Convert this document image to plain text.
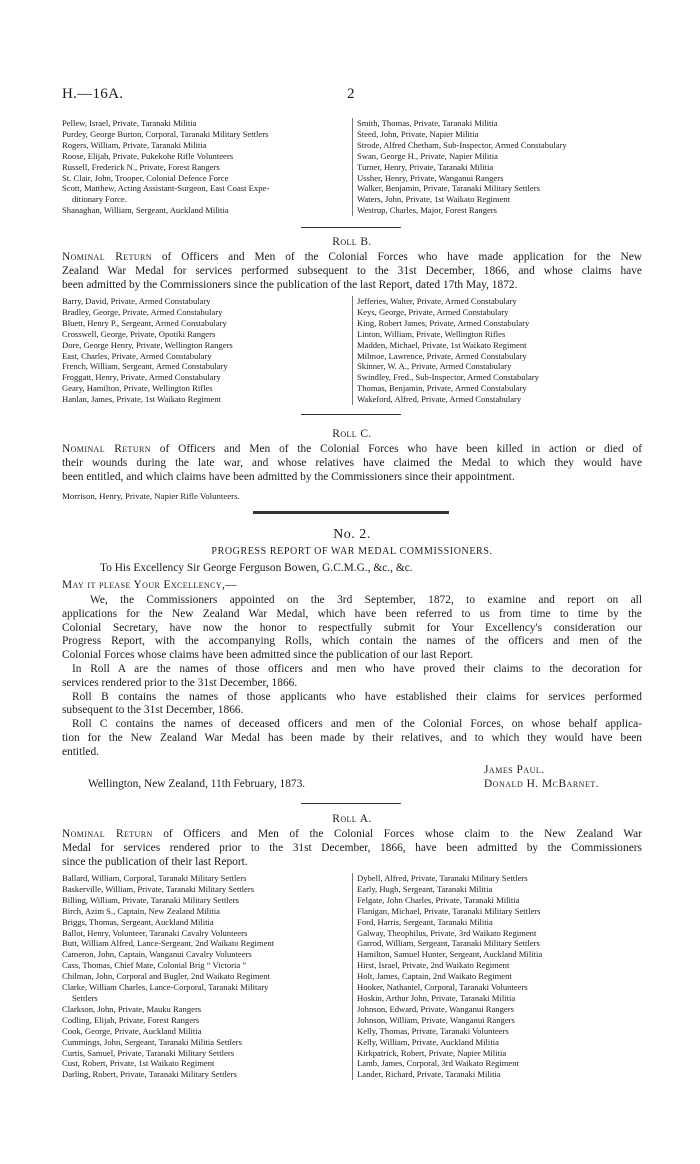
H.—16A.	2
Pellew, Israel, Private, Taranaki Militia
Purdey, George Burton, Corporal, Taranaki Military Settlers
Rogers, William, Private, Taranaki Militia
Roose, Elijah, Private, Pukekohe Rifle Volunteers
Russell, Frederick N., Private, Forest Rangers
St. Clair, John, Trooper, Colonial Defence Force
Scott, Matthew, Acting Assistant-Surgeon, East Coast Expe-
ditionary Force.
Shanaghan, William, Sergeant, Auckland Militia
Smith, Thomas, Private, Taranaki Militia
Steed, John, Private, Napier Militia
Strode, Alfred Chetham, Sub-Inspector, Armed Constabulary
Swan, George H., Private, Napier Militia
Turner, Henry, Private, Taranaki Militia
Ussher, Henry, Private, Wanganui Rangers
Walker, Benjamin, Private, Taranaki Military Settlers
Waters, John, Private, 1st Waikato Regiment
Westrup, Charles, Major, Forest Rangers
Roll B.
Nominal Return of Officers and Men of the Colonial Forces who have made application for the New
Zealand War Medal for services performed subsequent to the 31st December, 1866, and whose claims have
been admitted by the Commissioners since the publication of the last Report, dated 17th May, 1872.
Barry, David, Private, Armed Constabulary
Bradley, George, Private, Armed Constabulary
Bluett, Henry P., Sergeant, Armed Constabulary
Crosswell, George, Private, Opotiki Rangers
Dore, George Henry, Private, Wellington Rangers
East, Charles, Private, Armed Constabulary
French, William, Sergeant, Armed Constabulary
Froggatt, Henry, Private, Armed Constabulary
Geary, Hamilton, Private, Wellington Rifles
Hanlan, James, Private, 1st Waikato Regiment
Jefferies, Walter, Private, Armed Constabulary
Keys, George, Private, Armed Constabulary
King, Robert James, Private, Armed Constabulary
Linton, William, Private, Wellington Rifles
Madden, Michael, Private, 1st Waikato Regiment
Milmoe, Lawrence, Private, Armed Constabulary
Skinner, W. A., Private, Armed Constabulary
Swindley, Fred., Sub-Inspector, Armed Constabulary
Thomas, Benjamin, Private, Armed Constabulary
Wakeford, Alfred, Private, Armed Constabulary
Roll C.
Nominal Return of Officers and Men of the Colonial Forces who have been killed in action or died of
their wounds during the late war, and whose relatives have claimed the Medal to which they would have
been entitled, and which claims have been admitted by the Commissioners since their appointment.
Morrison, Henry, Private, Napier Rifle Volunteers.
No. 2.
PROGRESS REPORT OF WAR MEDAL COMMISSIONERS.
To His Excellency Sir George Ferguson Bowen, G.C.M.G., &c., &c.
May it please Your Excellency,—
We, the Commissioners appointed on the 3rd September, 1872, to examine and report on all
applications for the New Zealand War Medal, which have been referred to us from time to time by the
Colonial Secretary, have now the honor to respectfully submit for Your Excellency's consideration our
Progress Report, with the accompanying Rolls, which contain the names of the officers and men of the
Colonial Forces whose claims have been admitted since the publication of our last Report.
In Roll A are the names of those officers and men who have proved their claims to the decoration for
services rendered prior to the 31st December, 1866.
Roll B contains the names of those applicants who have established their claims for services performed
subsequent to the 31st December, 1866.
Roll C contains the names of deceased officers and men of the Colonial Forces, on whose behalf applica-
tion for the New Zealand War Medal has been made by their relatives, and to which they would have been
entitled.
James Paul.
Donald H. McBarnet.
Wellington, New Zealand, 11th February, 1873.
Roll A.
Nominal Return of Officers and Men of the Colonial Forces whose claim to the New Zealand War
Medal for services rendered prior to the 31st December, 1866, have been admitted by the Commissioners
since the publication of their last Report.
Ballard, William, Corporal, Taranaki Military Settlers
Baskerville, William, Private, Taranaki Military Settlers
Billing, William, Private, Taranaki Military Settlers
Birch, Azim S., Captain, New Zealand Militia
Briggs, Thomas, Sergeant, Auckland Militia
Ballot, Henry, Volunteer, Taranaki Cavalry Volunteers
Butt, William Alfred, Lance-Sergeant, 2nd Waikato Regiment
Cameron, John, Captain, Wanganui Cavalry Volunteers
Cass, Thomas, Chief Mate, Colonial Brig “ Victoria ”
Chilman, John, Corporal and Bugler, 2nd Waikato Regiment
Clarke, William Charles, Lance-Corporal, Taranaki Military
Settlers
Clarkson, John, Private, Mauku Rangers
Codling, Elijah, Private, Forest Rangers
Cook, George, Private, Auckland Militia
Cummings, John, Sergeant, Taranaki Militia Settlers
Curtis, Samuel, Private, Taranaki Military Settlers
Cust, Robert, Private, 1st Waikato Regiment
Darling, Robert, Private, Taranaki Military Settlers
Dybell, Alfred, Private, Taranaki Military Settlers
Early, Hugh, Sergeant, Taranaki Militia
Felgate, John Charles, Private, Taranaki Militia
Flanigan, Michael, Private, Taranaki Military Settlers
Ford, Harris, Sergeant, Taranaki Militia
Galway, Theophilus, Private, 3rd Waikato Regiment
Garrod, William, Sergeant, Taranaki Military Settlers
Hamilton, Samuel Hunter, Sergeant, Auckland Militia
Hirst, Israel, Private, 2nd Waikato Regiment
Holt, James, Captain, 2nd Waikato Regiment
Hooker, Nathaniel, Corporal, Taranaki Volunteers
Hoskin, Arthur John, Private, Taranaki Militia
Johnson, Edward, Private, Wanganui Rangers
Johnson, William, Private, Wanganui Rangers
Kelly, Thomas, Private, Taranaki Volunteers
Kelly, William, Private, Auckland Militia
Kirkpatrick, Robert, Private, Napier Militia
Lamb, James, Corporal, 3rd Waikato Regiment
Lander, Richard, Private, Taranaki Militia
